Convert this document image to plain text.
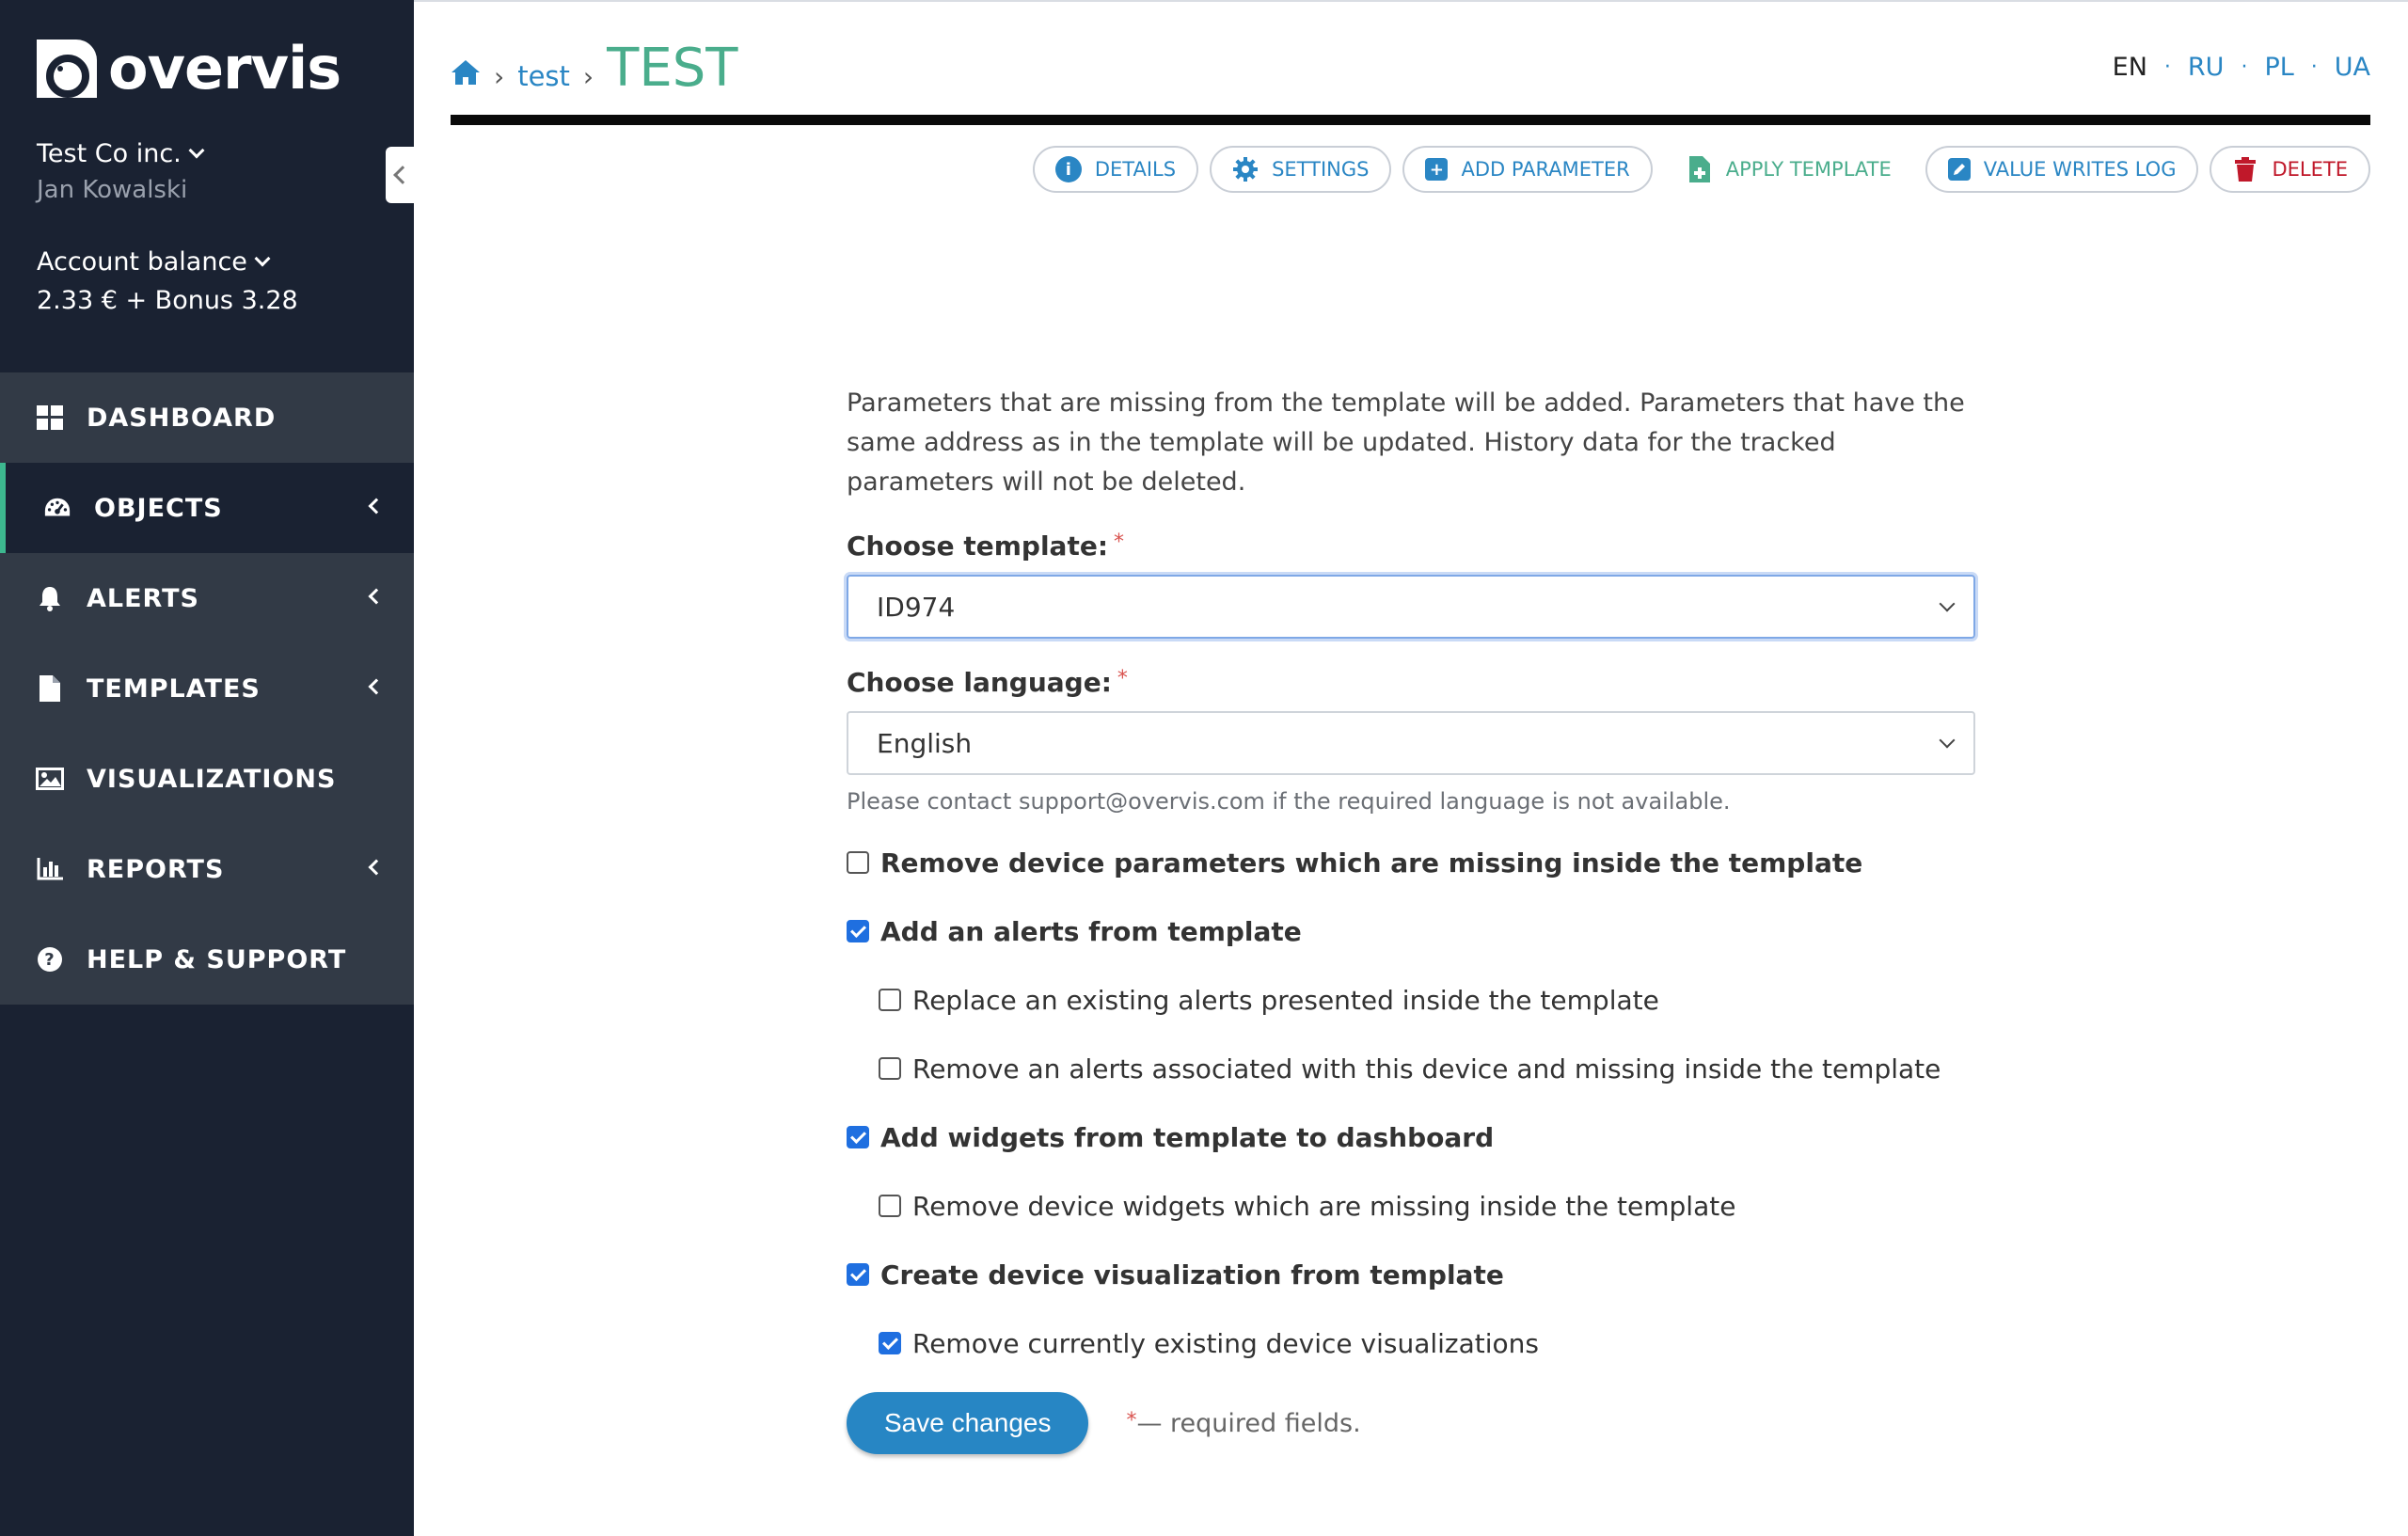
overvis
Test Co inc.
Jan Kowalski
Account balance
2.33 € + Bonus 3.28
DASHBOARD
OBJECTS
ALERTS
TEMPLATES
VISUALIZATIONS
REPORTS
? HELP & SUPPORT
› test › TEST	EN · RU · PL · UA
i	DETAILS	SETTINGS	+ ADD PARAMETER	APPLY TEMPLATE	VALUE WRITES LOG	DELETE

Parameters that are missing from the template will be added. Parameters that have the same address as in the template will be updated. History data for the tracked parameters will not be deleted.

Choose template: *
ID974
Choose language: *
English
Please contact support@overvis.com if the required language is not available.
Remove device parameters which are missing inside the template
Add an alerts from template
Replace an existing alerts presented inside the template
Remove an alerts associated with this device and missing inside the template
Add widgets from template to dashboard
Remove device widgets which are missing inside the template
Create device visualization from template
Remove currently existing device visualizations
Save changes	*— required fields.
